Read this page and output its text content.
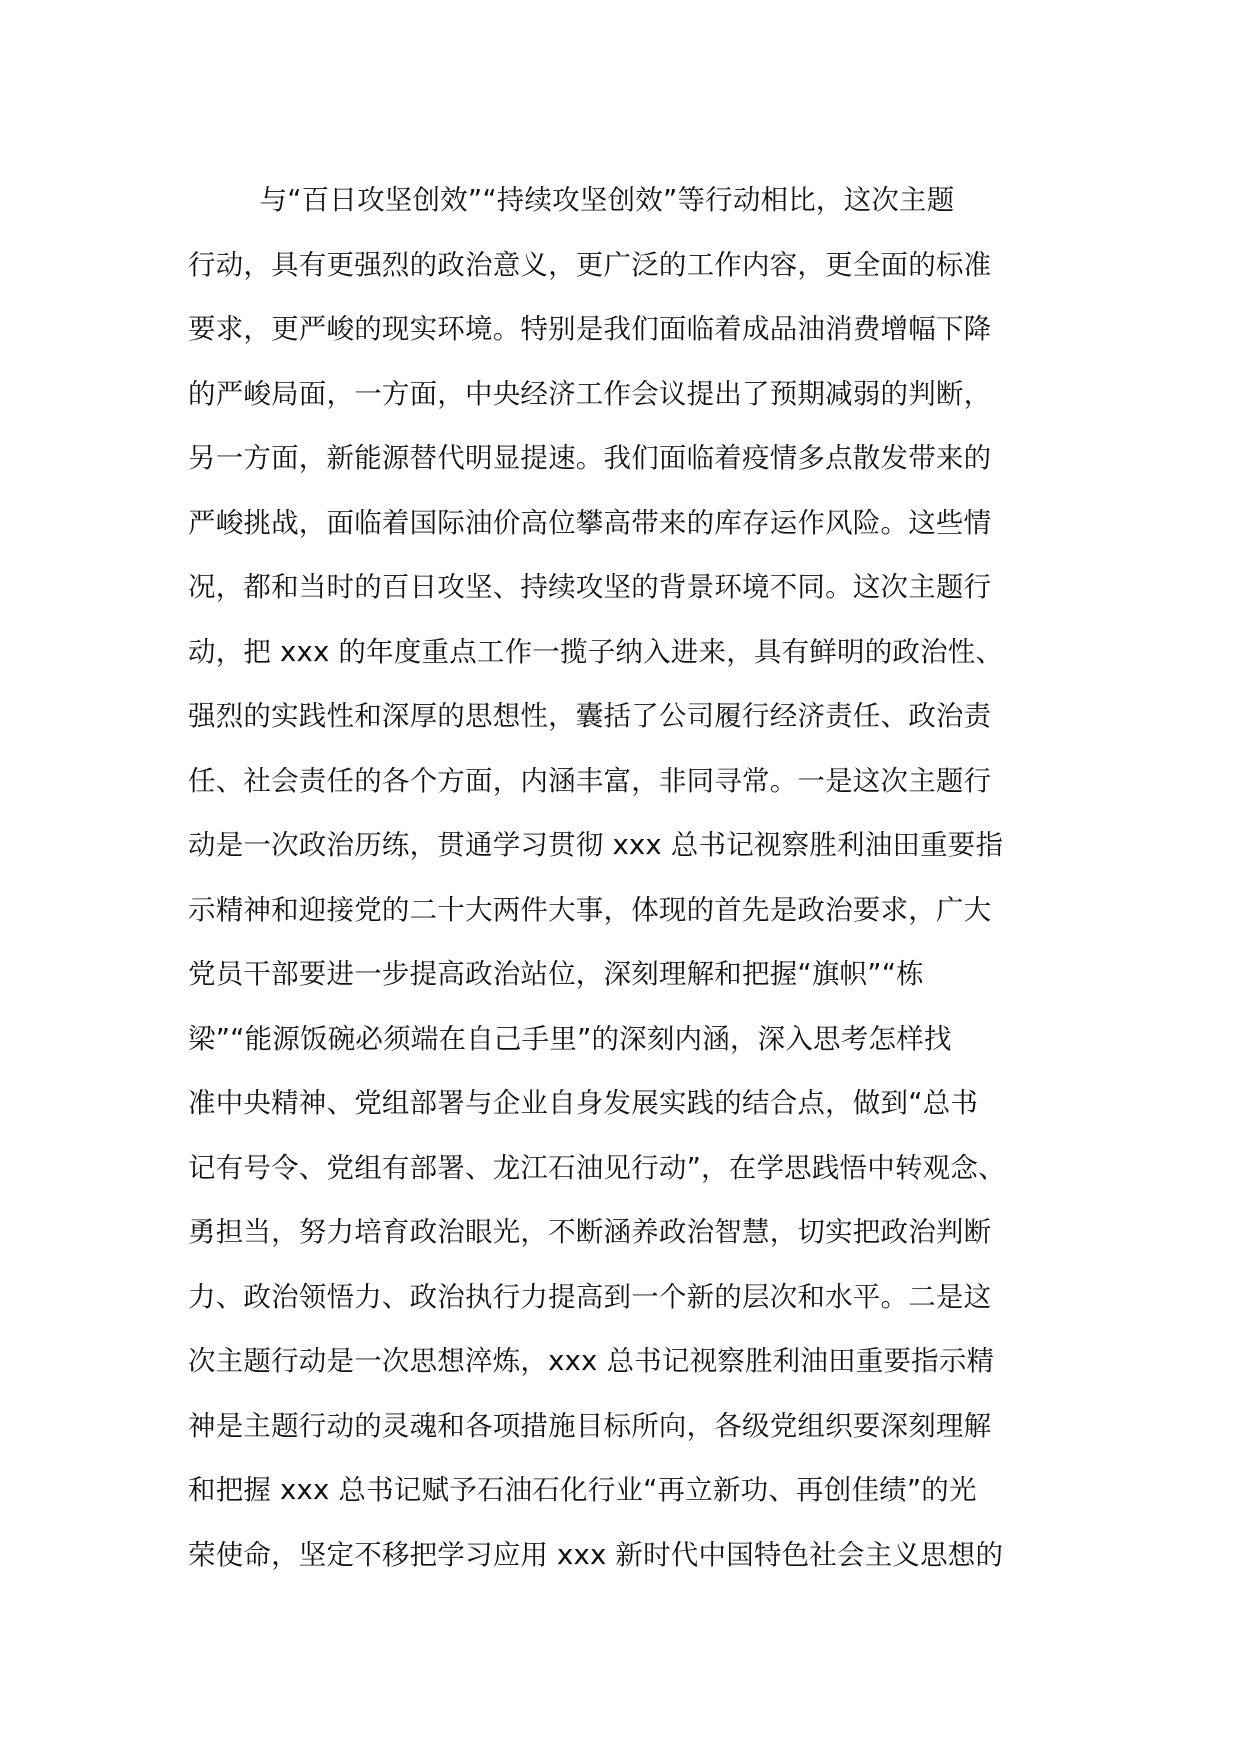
与“百日攻坚创效”“持续攻坚创效”等行动相比，这次主题
行动，具有更强烈的政治意义，更广泛的工作内容，更全面的标准
要求，更严峻的现实环境。特别是我们面临着成品油消费增幅下降
的严峻局面，一方面，中央经济工作会议提出了预期减弱的判断，
另一方面，新能源替代明显提速。我们面临着疫情多点散发带来的
严峻挑战，面临着国际油价高位攀高带来的库存运作风险。这些情
况，都和当时的百日攻坚、持续攻坚的背景环境不同。这次主题行
动，把 xxx 的年度重点工作一揽子纳入进来，具有鲜明的政治性、
强烈的实践性和深厚的思想性，囊括了公司履行经济责任、政治责
任、社会责任的各个方面，内涵丰富，非同寻常。一是这次主题行
动是一次政治历练，贯通学习贯彻 xxx 总书记视察胜利油田重要指
示精神和迎接党的二十大两件大事，体现的首先是政治要求，广大
党员干部要进一步提高政治站位，深刻理解和把握“旗帜”“栋
梁”“能源饭碗必须端在自己手里”的深刻内涵，深入思考怎样找
准中央精神、党组部署与企业自身发展实践的结合点，做到“总书
记有号令、党组有部署、龙江石油见行动”，在学思践悟中转观念、
勇担当，努力培育政治眼光，不断涵养政治智慧，切实把政治判断
力、政治领悟力、政治执行力提高到一个新的层次和水平。二是这
次主题行动是一次思想淬炼，xxx 总书记视察胜利油田重要指示精
神是主题行动的灵魂和各项措施目标所向，各级党组织要深刻理解
和把握 xxx 总书记赋予石油石化行业“再立新功、再创佳绩”的光
荣使命，坚定不移把学习应用 xxx 新时代中国特色社会主义思想的
